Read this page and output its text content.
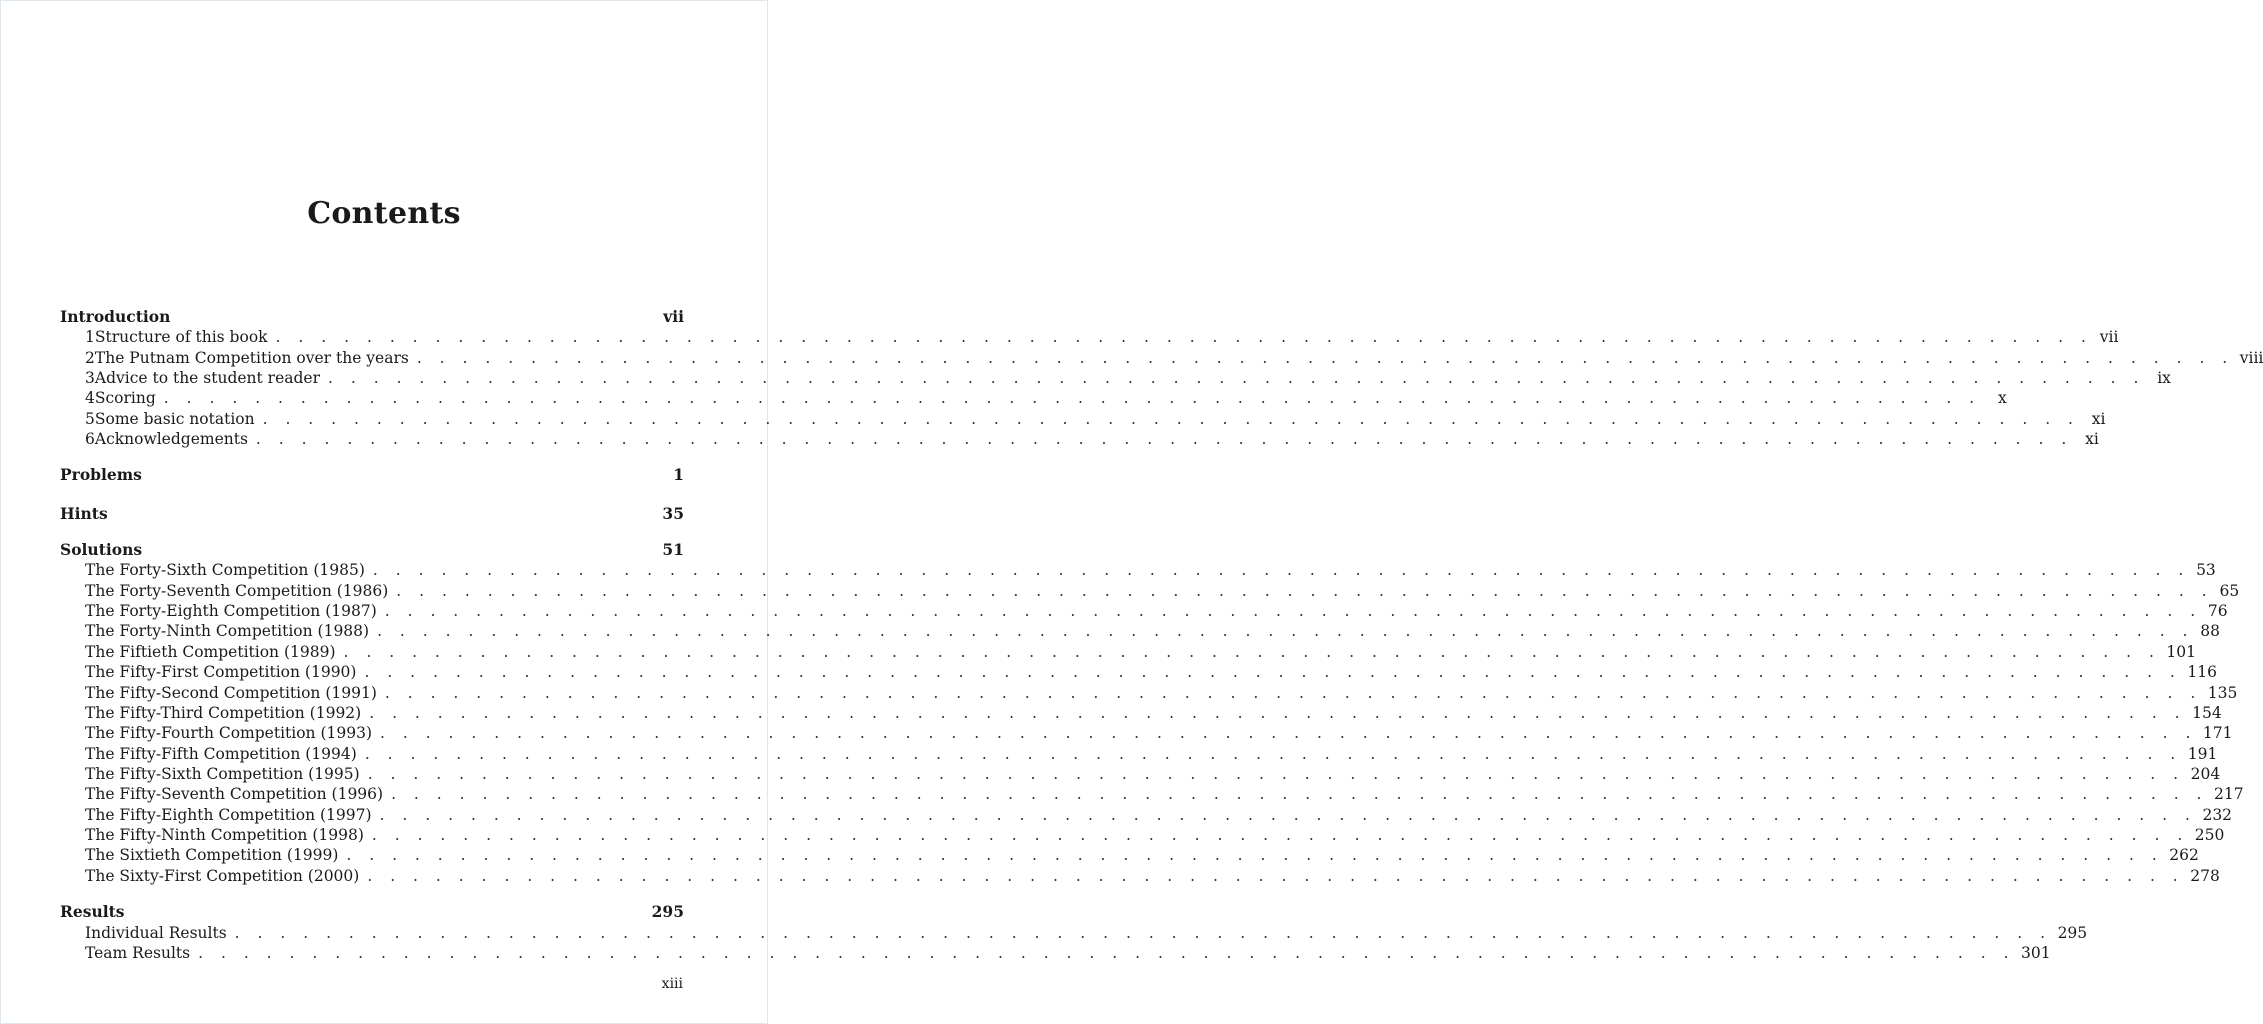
Contents
Introduction	vii
1 Structure of this book . . . . . . . . . . . . . . . . . . . . . . . . . . . . . . . . . . . . . . . . . . . . . . . . . . . . . . . . . . . . . . . . . . . . . . . . . . . . . . . . vii
2 The Putnam Competition over the years . . . . . . . . . . . . . . . . . . . . . . . . . . . . . . . . . . . . . . . . . . . . . . . . . . . . . . . . . . . . . . . . . . . . . . . . . . . . . . . . viii
3 Advice to the student reader . . . . . . . . . . . . . . . . . . . . . . . . . . . . . . . . . . . . . . . . . . . . . . . . . . . . . . . . . . . . . . . . . . . . . . . . . . . . . . . . ix
4 Scoring . . . . . . . . . . . . . . . . . . . . . . . . . . . . . . . . . . . . . . . . . . . . . . . . . . . . . . . . . . . . . . . . . . . . . . . . . . . . . . . .	x
5 Some basic notation . . . . . . . . . . . . . . . . . . . . . . . . . . . . . . . . . . . . . . . . . . . . . . . . . . . . . . . . . . . . . . . . . . . . . . . . . . . . . . . . xi
6 Acknowledgements . . . . . . . . . . . . . . . . . . . . . . . . . . . . . . . . . . . . . . . . . . . . . . . . . . . . . . . . . . . . . . . . . . . . . . . . . . . . . . . . xi
Problems	1
Hints	35
Solutions	51
The Forty-Sixth Competition (1985) . . . . . . . . . . . . . . . . . . . . . . . . . . . . . . . . . . . . . . . . . . . . . . . . . . . . . . . . . . . . . . . . . . . . . . . . . . . . . . . . 53
The Forty-Seventh Competition (1986) . . . . . . . . . . . . . . . . . . . . . . . . . . . . . . . . . . . . . . . . . . . . . . . . . . . . . . . . . . . . . . . . . . . . . . . . . . . . . . . . 65
The Forty-Eighth Competition (1987) . . . . . . . . . . . . . . . . . . . . . . . . . . . . . . . . . . . . . . . . . . . . . . . . . . . . . . . . . . . . . . . . . . . . . . . . . . . . . . . . 76
The Forty-Ninth Competition (1988) . . . . . . . . . . . . . . . . . . . . . . . . . . . . . . . . . . . . . . . . . . . . . . . . . . . . . . . . . . . . . . . . . . . . . . . . . . . . . . . . 88
The Fiftieth Competition (1989) . . . . . . . . . . . . . . . . . . . . . . . . . . . . . . . . . . . . . . . . . . . . . . . . . . . . . . . . . . . . . . . . . . . . . . . . . . . . . . . . 101
The Fifty-First Competition (1990) . . . . . . . . . . . . . . . . . . . . . . . . . . . . . . . . . . . . . . . . . . . . . . . . . . . . . . . . . . . . . . . . . . . . . . . . . . . . . . . . 116
The Fifty-Second Competition (1991) . . . . . . . . . . . . . . . . . . . . . . . . . . . . . . . . . . . . . . . . . . . . . . . . . . . . . . . . . . . . . . . . . . . . . . . . . . . . . . . . 135
The Fifty-Third Competition (1992) . . . . . . . . . . . . . . . . . . . . . . . . . . . . . . . . . . . . . . . . . . . . . . . . . . . . . . . . . . . . . . . . . . . . . . . . . . . . . . . . 154
The Fifty-Fourth Competition (1993) . . . . . . . . . . . . . . . . . . . . . . . . . . . . . . . . . . . . . . . . . . . . . . . . . . . . . . . . . . . . . . . . . . . . . . . . . . . . . . . . 171
The Fifty-Fifth Competition (1994) . . . . . . . . . . . . . . . . . . . . . . . . . . . . . . . . . . . . . . . . . . . . . . . . . . . . . . . . . . . . . . . . . . . . . . . . . . . . . . . . 191
The Fifty-Sixth Competition (1995) . . . . . . . . . . . . . . . . . . . . . . . . . . . . . . . . . . . . . . . . . . . . . . . . . . . . . . . . . . . . . . . . . . . . . . . . . . . . . . . . 204
The Fifty-Seventh Competition (1996) . . . . . . . . . . . . . . . . . . . . . . . . . . . . . . . . . . . . . . . . . . . . . . . . . . . . . . . . . . . . . . . . . . . . . . . . . . . . . . . . 217
The Fifty-Eighth Competition (1997) . . . . . . . . . . . . . . . . . . . . . . . . . . . . . . . . . . . . . . . . . . . . . . . . . . . . . . . . . . . . . . . . . . . . . . . . . . . . . . . . 232
The Fifty-Ninth Competition (1998) . . . . . . . . . . . . . . . . . . . . . . . . . . . . . . . . . . . . . . . . . . . . . . . . . . . . . . . . . . . . . . . . . . . . . . . . . . . . . . . . 250
The Sixtieth Competition (1999) . . . . . . . . . . . . . . . . . . . . . . . . . . . . . . . . . . . . . . . . . . . . . . . . . . . . . . . . . . . . . . . . . . . . . . . . . . . . . . . . 262
The Sixty-First Competition (2000) . . . . . . . . . . . . . . . . . . . . . . . . . . . . . . . . . . . . . . . . . . . . . . . . . . . . . . . . . . . . . . . . . . . . . . . . . . . . . . . . 278
Results	295
Individual Results . . . . . . . . . . . . . . . . . . . . . . . . . . . . . . . . . . . . . . . . . . . . . . . . . . . . . . . . . . . . . . . . . . . . . . . . . . . . . . . . 295
Team Results . . . . . . . . . . . . . . . . . . . . . . . . . . . . . . . . . . . . . . . . . . . . . . . . . . . . . . . . . . . . . . . . . . . . . . . . . . . . . . . . 301
xiii
